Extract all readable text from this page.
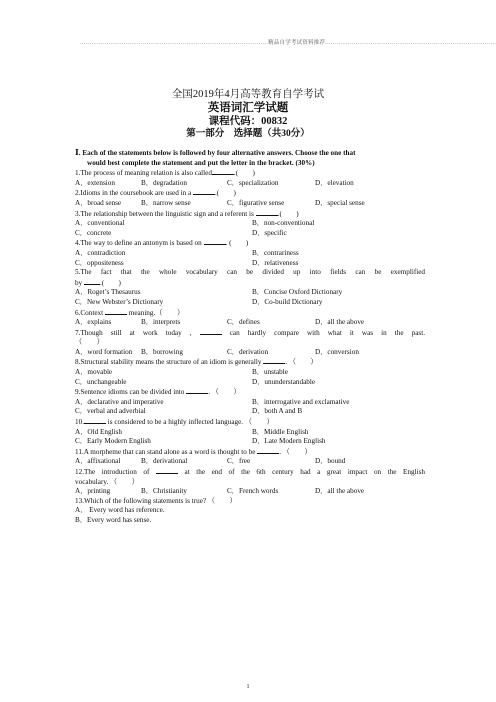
………………………………………………………………………………………精品自学考试资料推荐………………………………………………………………………………
全国2019年4月高等教育自学考试
英语词汇学试题
课程代码：00832
第一部分　选择题（共30分）
Ⅰ. Each of the statements below is followed by four alternative answers. Choose the one that
would best complete the statement and put the letter in the bracket. (30%)
1.The process of meaning relation is also called	.(　　)
A．extension	B．degradation	C．specialization	D．elevation
2.Idioms in the coursebook are used in a	.(　　)
A．broad sense	B．narrow sense	C．figurative sense	D．special sense
3.The relationship between the linguistic sign and a referent is	.(　　)
A．conventional	B．non-conventional
C．concrete	D．specific
4.The way to define an antonym is based on	. (　　)
A．contradiction	B．contrariness
C．oppositeness	D．relativeness
5.The fact that the whole vocabulary can be divided up into fields can be exemplified
by .(　　)
A．Roget’s Thesaurus	B．Concise Oxford Dictionary
C．New Webster’s Dictionary	D．Co-build Dictionary
6.Context	meaning.（　　）
A．explains	B．interprets	C．defines	D．all the above
7.Though still at work today ,	can hardly compare with what it was in the past.
（　　）
A．word formation	B．borrowing	C．derivation	D．conversion
8.Structural stability means the structure of an idiom is generally	. （　　）
A．movable	B．unstable
C．unchangeable	D．ununderstandable
9.Sentence idioms can be divided into	. （　　）
A．declarative and imperative	B．interrogative and exclamative
C．verbal and adverbial	D．both A and B
10.	is considered to be a highly inflected language. （　　）
A．Old English	B．Middle English
C．Early Modern English	D．Late Modern English
11.A morpheme that can stand alone as a word is thought to be	. （　　）
A．affixational	B．derivational	C．free	D．bound
12.The introduction of	at the end of the 6th century had a great impact on the English
vocabulary. （　　）
A．printing	B．Christianity	C．French words	D．all the above
13.Which of the following statements is true? （　　）
A． Every word has reference.
B．Every word has sense.
1
